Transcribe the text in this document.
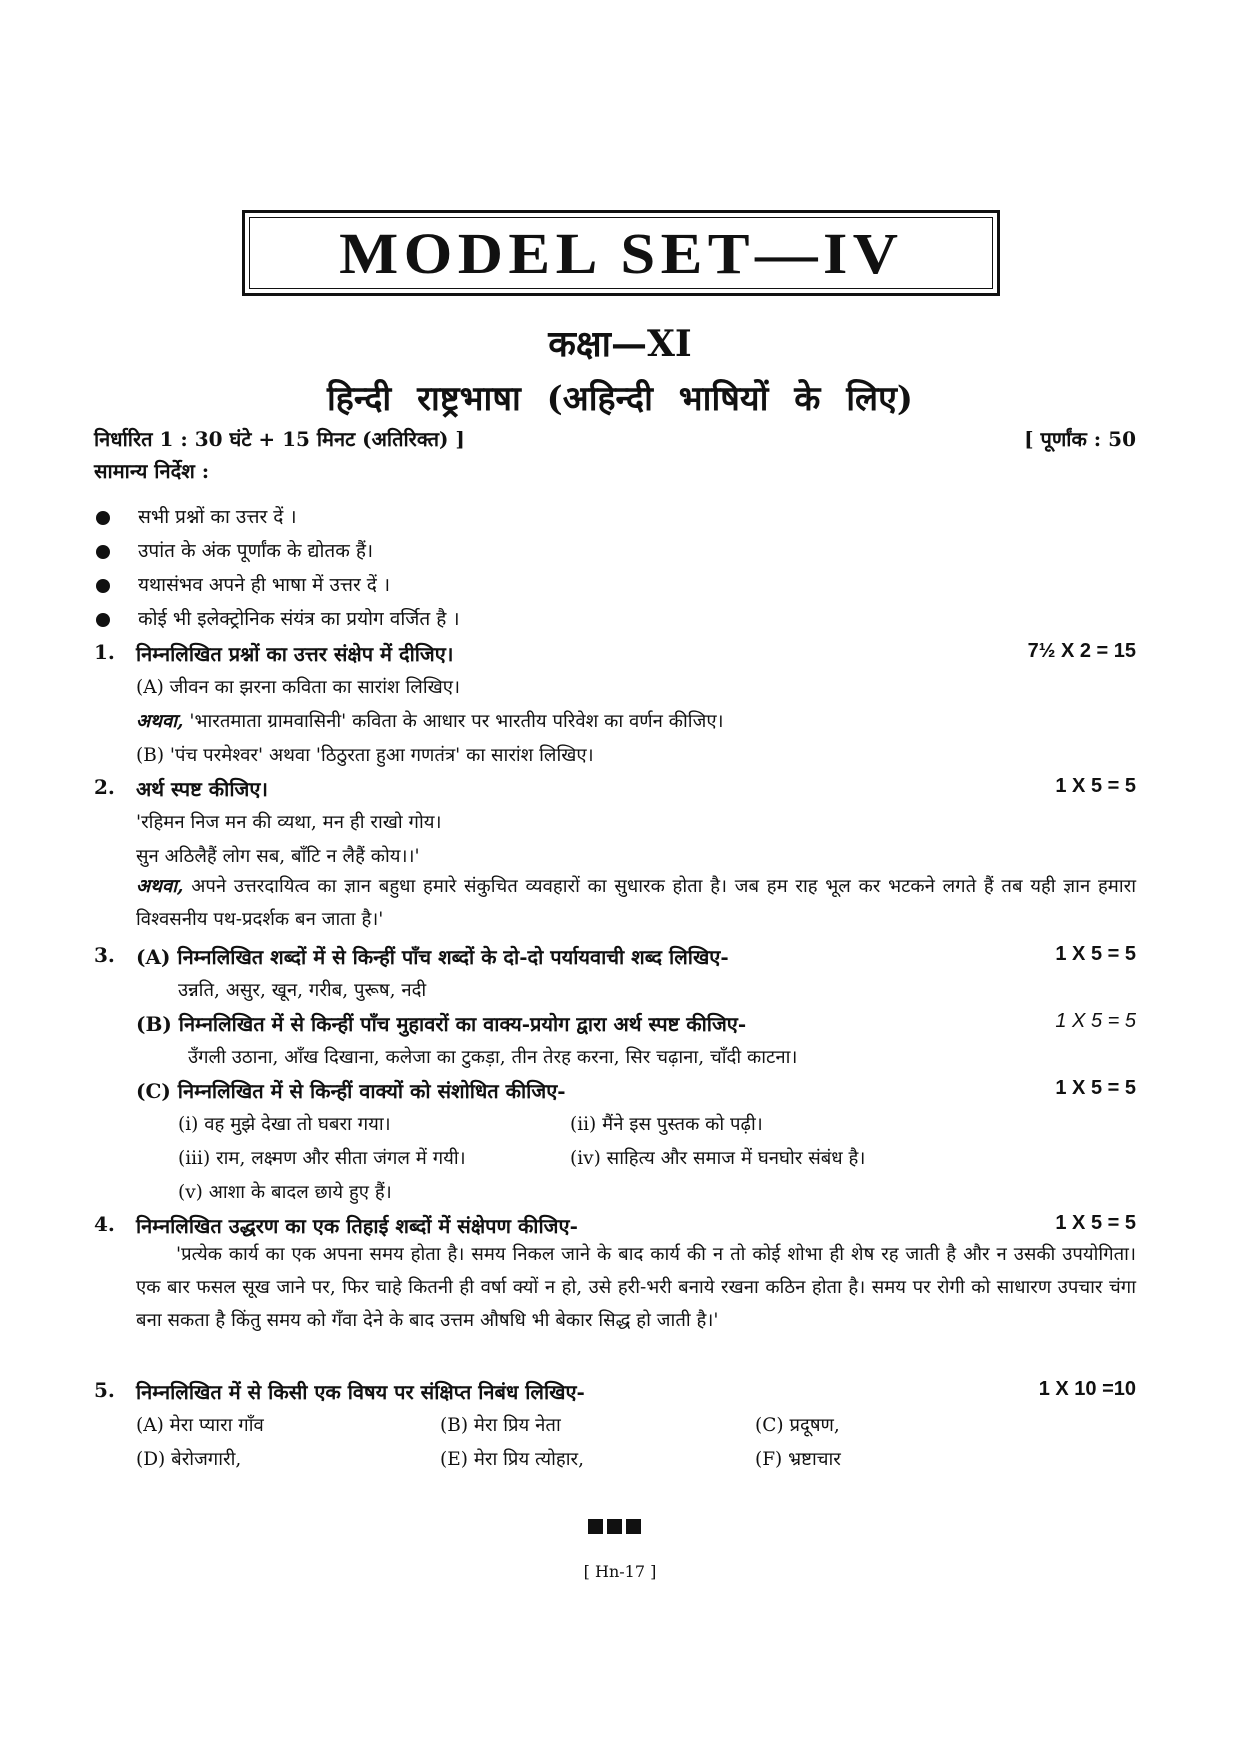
MODEL SET—IV
कक्षा—XI
हिन्दी राष्ट्रभाषा (अहिन्दी भाषियों के लिए)
निर्धारित 1 : 30 घंटे + 15 मिनट (अतिरिक्त) ]	[ पूर्णांक : 50
सामान्य निर्देश :
सभी प्रश्नों का उत्तर दें ।
उपांत के अंक पूर्णांक के द्योतक हैं।
यथासंभव अपने ही भाषा में उत्तर दें ।
कोई भी इलेक्ट्रोनिक संयंत्र का प्रयोग वर्जित है ।
1. निम्नलिखित प्रश्नों का उत्तर संक्षेप में दीजिए।	7½ X 2 = 15
(A) जीवन का झरना कविता का सारांश लिखिए।
अथवा, 'भारतमाता ग्रामवासिनी' कविता के आधार पर भारतीय परिवेश का वर्णन कीजिए।
(B) 'पंच परमेश्वर' अथवा 'ठिठुरता हुआ गणतंत्र' का सारांश लिखिए।
2. अर्थ स्पष्ट कीजिए।	1 X 5 = 5
'रहिमन निज मन की व्यथा, मन ही राखो गोय।
सुन अठिलैहैं लोग सब, बाँटि न लैहैं कोय।।'
अथवा, अपने उत्तरदायित्व का ज्ञान बहुधा हमारे संकुचित व्यवहारों का सुधारक होता है। जब हम राह भूल कर भटकने लगते हैं तब यही ज्ञान हमारा विश्वसनीय पथ-प्रदर्शक बन जाता है।'
3. (A) निम्नलिखित शब्दों में से किन्हीं पाँच शब्दों के दो-दो पर्यायवाची शब्द लिखिए-	1 X 5 = 5
उन्नति, असुर, खून, गरीब, पुरूष, नदी
(B) निम्नलिखित में से किन्हीं पाँच मुहावरों का वाक्य-प्रयोग द्वारा अर्थ स्पष्ट कीजिए-	1 X 5 = 5
उँगली उठाना, आँख दिखाना, कलेजा का टुकड़ा, तीन तेरह करना, सिर चढ़ाना, चाँदी काटना।
(C) निम्नलिखित में से किन्हीं वाक्यों को संशोधित कीजिए-	1 X 5 = 5
(i) वह मुझे देखा तो घबरा गया।	(ii) मैंने इस पुस्तक को पढ़ी।
(iii) राम, लक्ष्मण और सीता जंगल में गयी।	(iv) साहित्य और समाज में घनघोर संबंध है।
(v) आशा के बादल छाये हुए हैं।
4. निम्नलिखित उद्धरण का एक तिहाई शब्दों में संक्षेपण कीजिए-	1 X 5 = 5
'प्रत्येक कार्य का एक अपना समय होता है। समय निकल जाने के बाद कार्य की न तो कोई शोभा ही शेष रह जाती है और न उसकी उपयोगिता। एक बार फसल सूख जाने पर, फिर चाहे कितनी ही वर्षा क्यों न हो, उसे हरी-भरी बनाये रखना कठिन होता है। समय पर रोगी को साधारण उपचार चंगा बना सकता है किंतु समय को गँवा देने के बाद उत्तम औषधि भी बेकार सिद्ध हो जाती है।'
5. निम्नलिखित में से किसी एक विषय पर संक्षिप्त निबंध लिखिए-	1 X 10 =10
(A) मेरा प्यारा गाँव	(B) मेरा प्रिय नेता	(C) प्रदूषण,
(D) बेरोजगारी,	(E) मेरा प्रिय त्योहार,	(F) भ्रष्टाचार
[ Hn-17 ]
